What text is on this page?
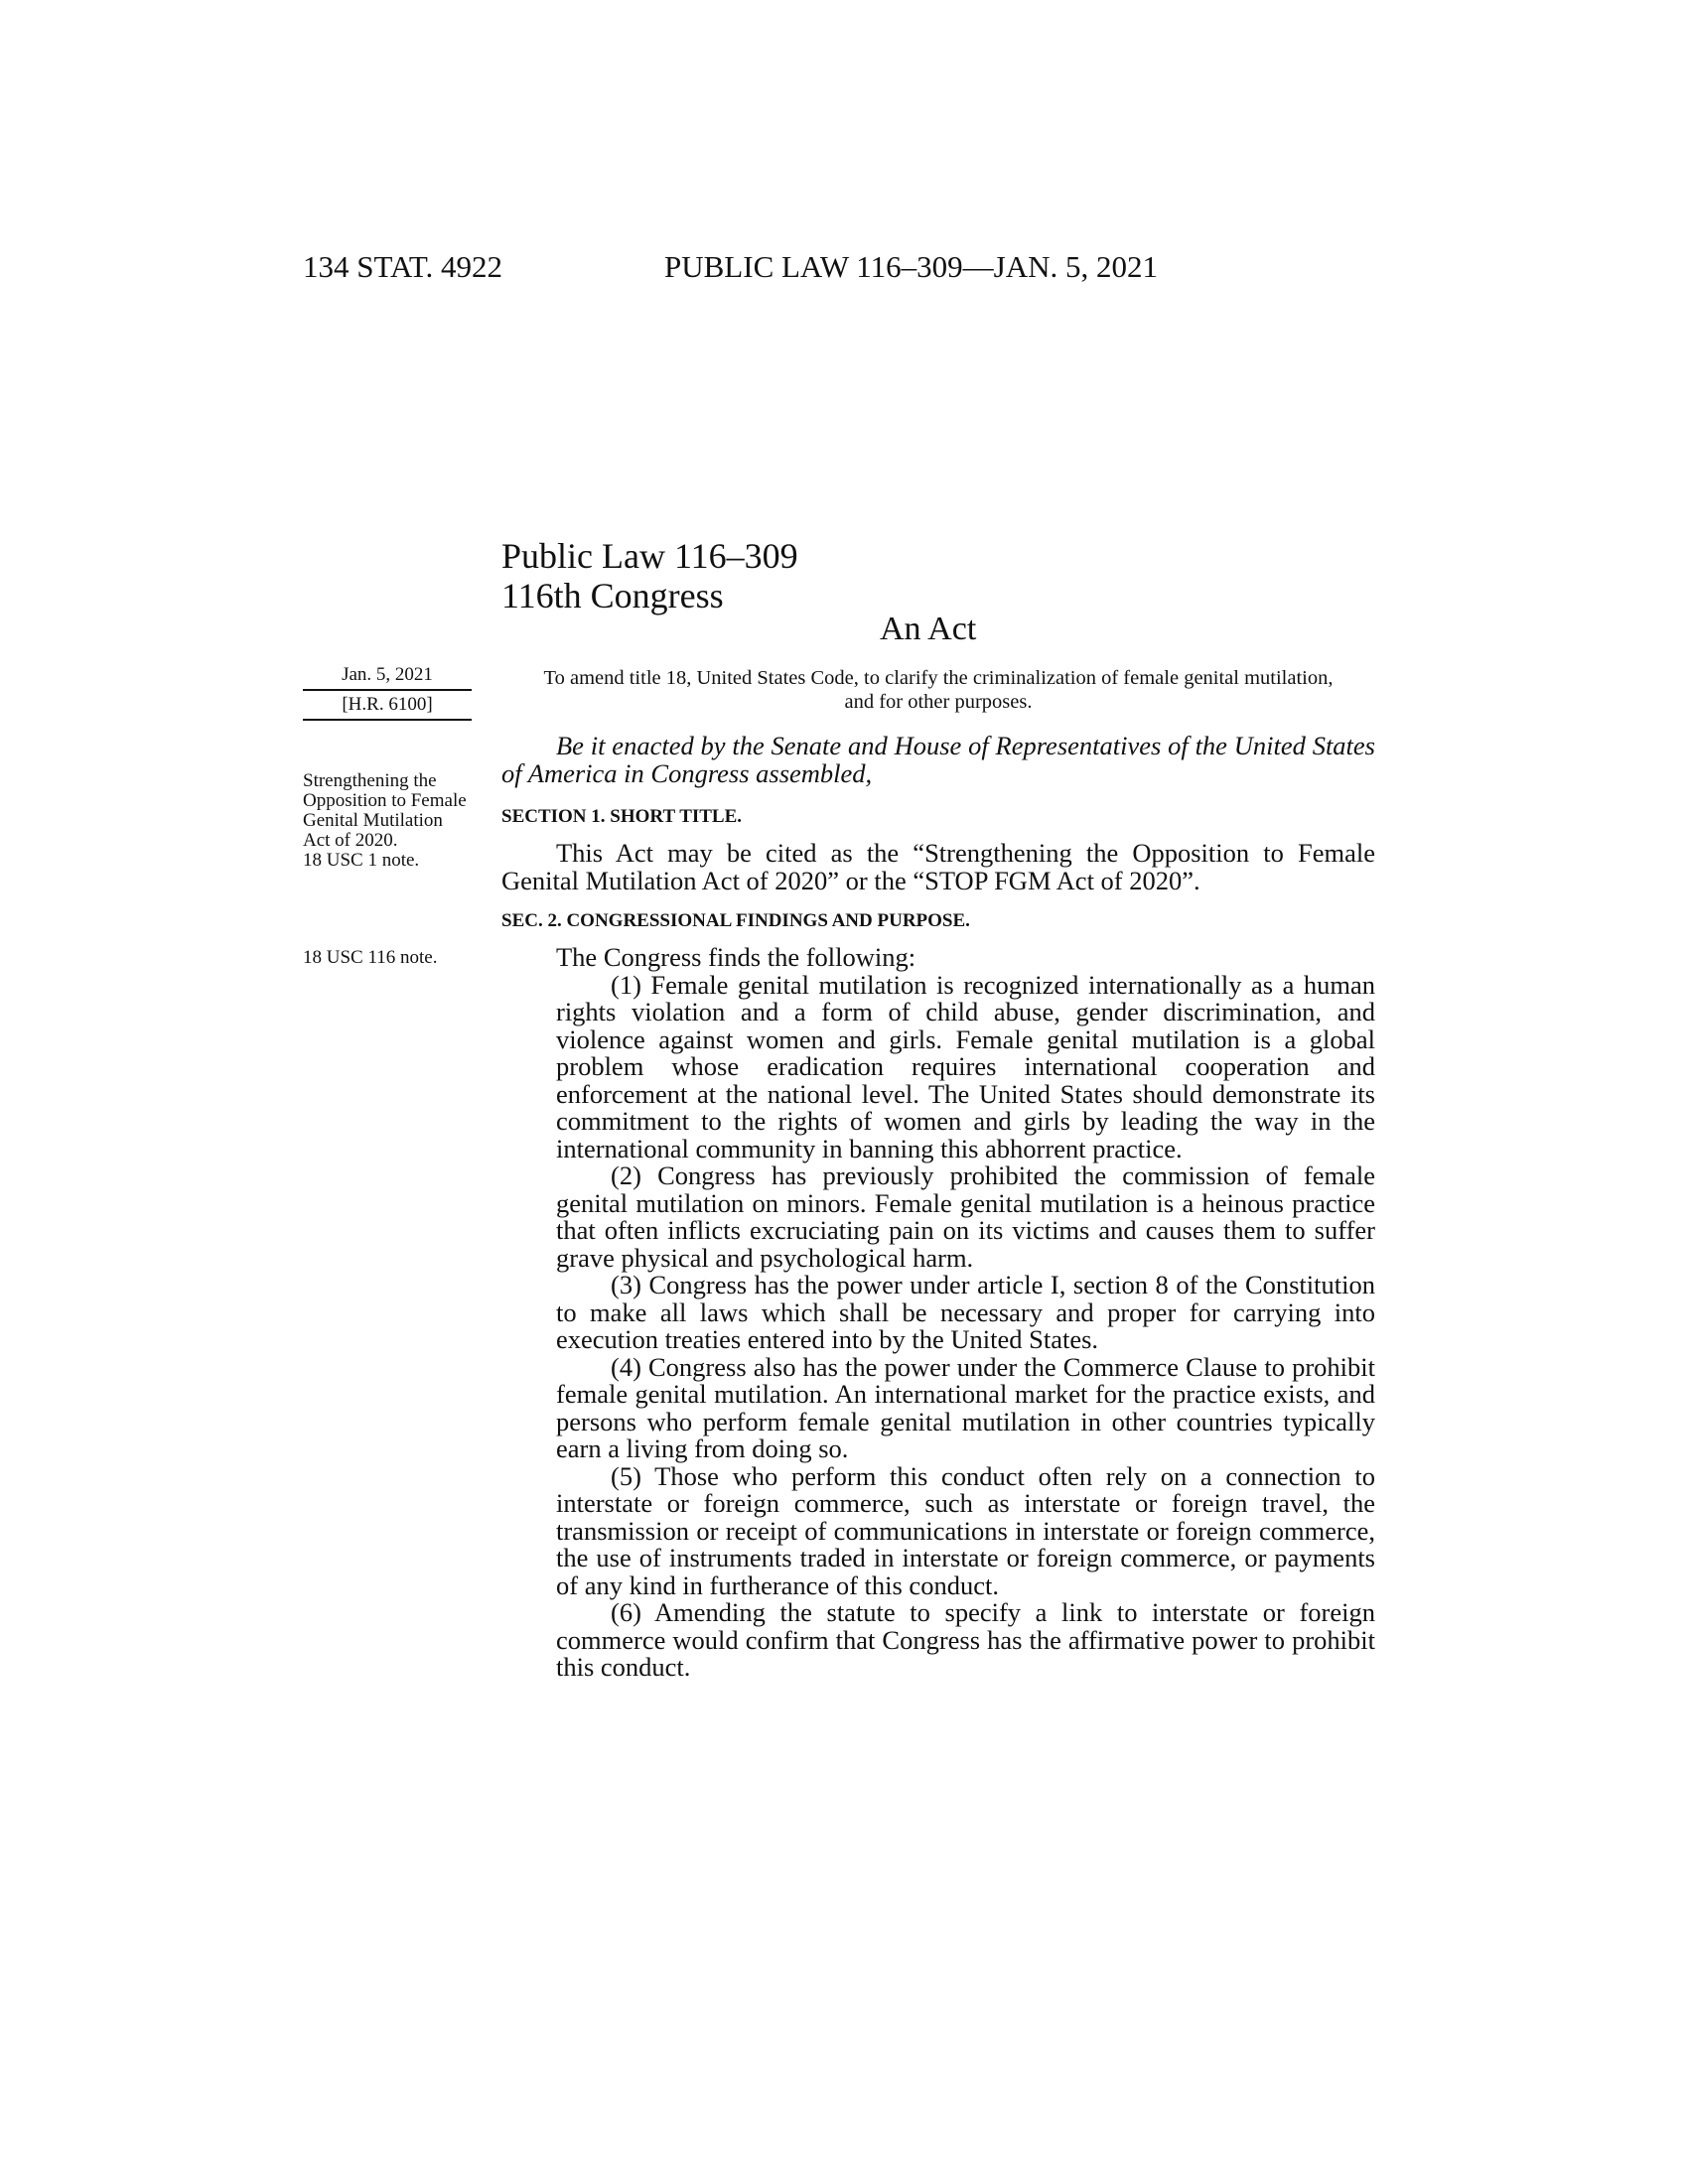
134 STAT. 4922	PUBLIC LAW 116–309—JAN. 5, 2021
Public Law 116–309
116th Congress
An Act
Jan. 5, 2021
[H.R. 6100]
To amend title 18, United States Code, to clarify the criminalization of female genital mutilation, and for other purposes.
Strengthening the Opposition to Female Genital Mutilation Act of 2020.
18 USC 1 note.
18 USC 116 note.

Be it enacted by the Senate and House of Representatives of the United States of America in Congress assembled,

SECTION 1. SHORT TITLE.

This Act may be cited as the “Strengthening the Opposition to Female Genital Mutilation Act of 2020” or the “STOP FGM Act of 2020”.

SEC. 2. CONGRESSIONAL FINDINGS AND PURPOSE.

The Congress finds the following:

(1) Female genital mutilation is recognized internationally as a human rights violation and a form of child abuse, gender discrimination, and violence against women and girls. Female genital mutilation is a global problem whose eradication requires international cooperation and enforcement at the national level. The United States should demonstrate its commitment to the rights of women and girls by leading the way in the international community in banning this abhorrent practice.

(2) Congress has previously prohibited the commission of female genital mutilation on minors. Female genital mutilation is a heinous practice that often inflicts excruciating pain on its victims and causes them to suffer grave physical and psychological harm.

(3) Congress has the power under article I, section 8 of the Constitution to make all laws which shall be necessary and proper for carrying into execution treaties entered into by the United States.

(4) Congress also has the power under the Commerce Clause to prohibit female genital mutilation. An international market for the practice exists, and persons who perform female genital mutilation in other countries typically earn a living from doing so.

(5) Those who perform this conduct often rely on a connection to interstate or foreign commerce, such as interstate or foreign travel, the transmission or receipt of communications in interstate or foreign commerce, the use of instruments traded in interstate or foreign commerce, or payments of any kind in furtherance of this conduct.

(6) Amending the statute to specify a link to interstate or foreign commerce would confirm that Congress has the affirmative power to prohibit this conduct.
